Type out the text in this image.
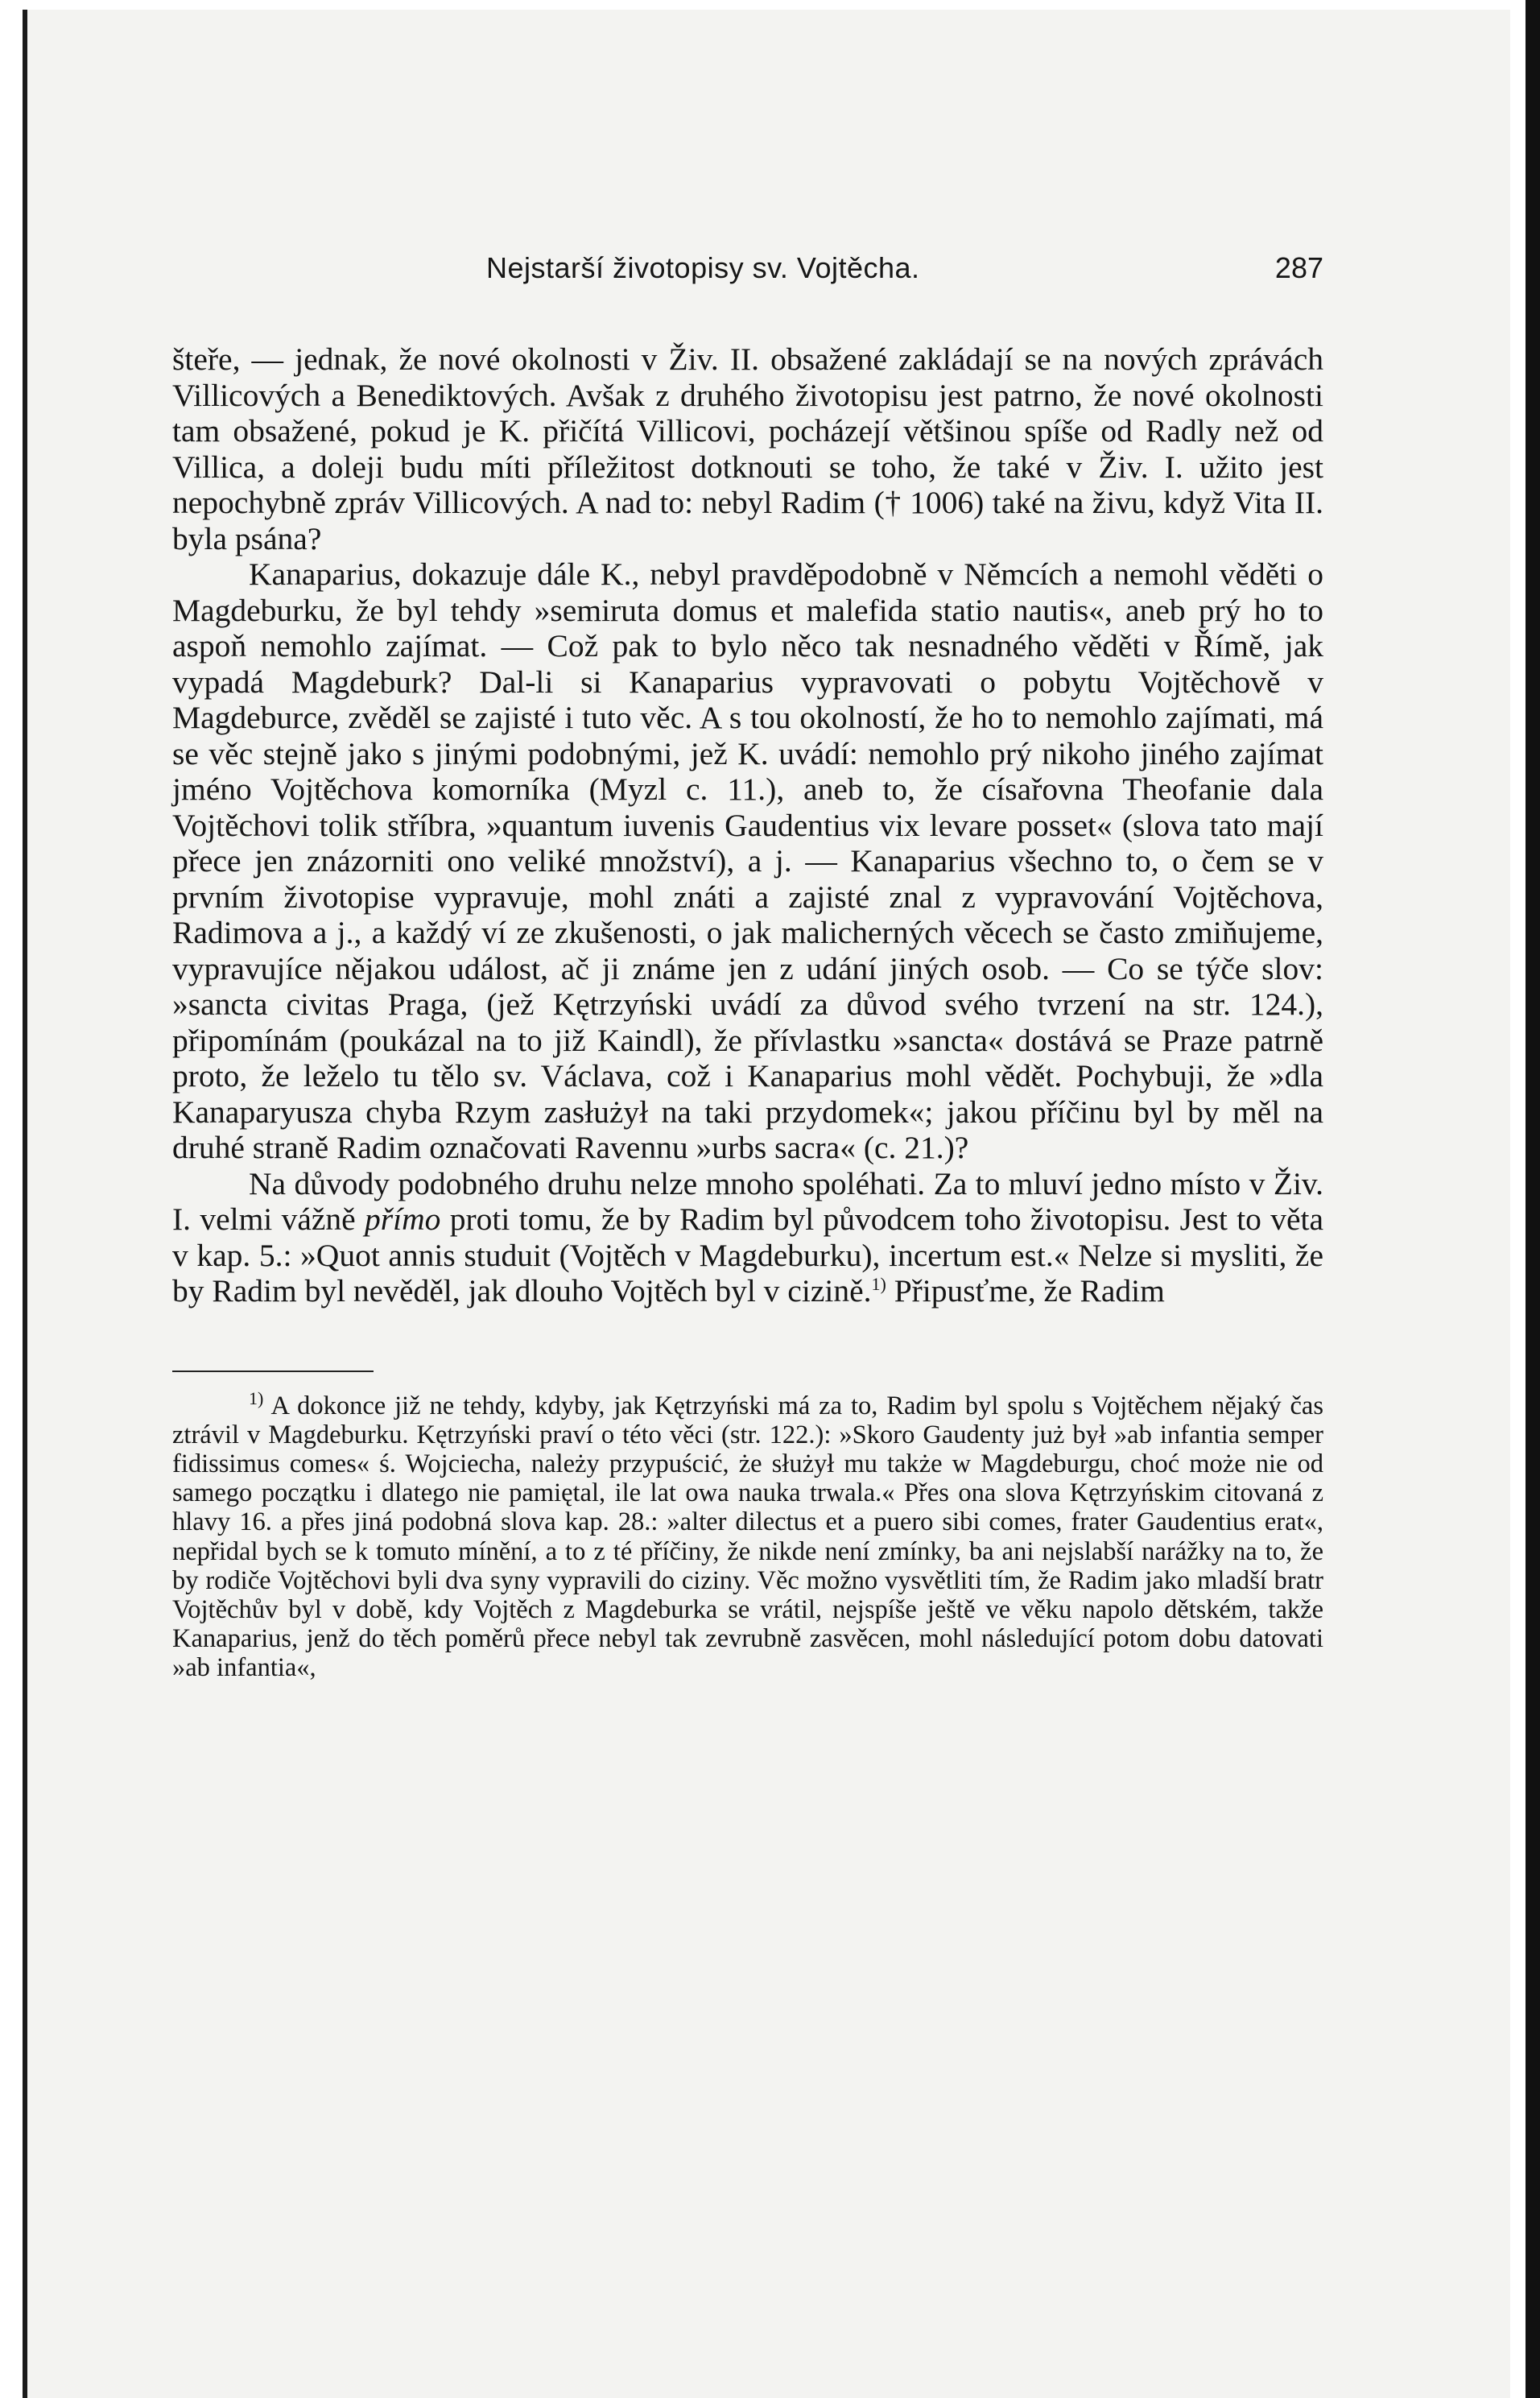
Nejstarší životopisy sv. Vojtěcha.	287

šteře, — jednak, že nové okolnosti v Živ. II. obsažené zakládají se na nových zprávách Villicových a Benediktových. Avšak z druhého životopisu jest patrno, že nové okolnosti tam obsažené, pokud je K. přičítá Villicovi, pocházejí většinou spíše od Radly než od Villica, a doleji budu míti příležitost dotknouti se toho, že také v Živ. I. užito jest nepochybně zpráv Villicových. A nad to: nebyl Radim († 1006) také na živu, když Vita II. byla psána?

Kanaparius, dokazuje dále K., nebyl pravděpodobně v Němcích a nemohl věděti o Magdeburku, že byl tehdy »semiruta domus et malefida statio nautis«, aneb prý ho to aspoň nemohlo zajímat. — Což pak to bylo něco tak nesnadného věděti v Římě, jak vypadá Magdeburk? Dal-li si Kanaparius vypravovati o pobytu Vojtěchově v Magdeburce, zvěděl se zajisté i tuto věc. A s tou okolností, že ho to nemohlo zajímati, má se věc stejně jako s jinými podobnými, jež K. uvádí: nemohlo prý nikoho jiného zajímat jméno Vojtěchova komorníka (Myzl c. 11.), aneb to, že císařovna Theofanie dala Vojtěchovi tolik stříbra, »quantum iuvenis Gaudentius vix levare posset« (slova tato mají přece jen znázorniti ono veliké množství), a j. — Kanaparius všechno to, o čem se v prvním životopise vypravuje, mohl znáti a zajisté znal z vypravování Vojtěchova, Radimova a j., a každý ví ze zkušenosti, o jak malicherných věcech se často zmiňujeme, vypravujíce nějakou událost, ač ji známe jen z udání jiných osob. — Co se týče slov: »sancta civitas Praga, (jež Kętrzyński uvádí za důvod svého tvrzení na str. 124.), připomínám (poukázal na to již Kaindl), že přívlastku »sancta« dostává se Praze patrně proto, že leželo tu tělo sv. Václava, což i Kanaparius mohl vědět. Pochybuji, že »dla Kanaparyusza chyba Rzym zasłużył na taki przydomek«; jakou příčinu byl by měl na druhé straně Radim označovati Ravennu »urbs sacra« (c. 21.)?

Na důvody podobného druhu nelze mnoho spoléhati. Za to mluví jedno místo v Živ. I. velmi vážně přímo proti tomu, že by Radim byl původcem toho životopisu. Jest to věta v kap. 5.: »Quot annis studuit (Vojtěch v Magdeburku), incertum est.« Nelze si mysliti, že by Radim byl nevěděl, jak dlouho Vojtěch byl v cizině.$^{1)}$ Připusťme, že Radim

$^{1)}$ A dokonce již ne tehdy, kdyby, jak Kętrzyński má za to, Radim byl spolu s Vojtěchem nějaký čas ztrávil v Magdeburku. Kętrzyński praví o této věci (str. 122.): »Skoro Gaudenty już był »ab infantia semper fidissimus comes« ś. Wojciecha, należy przypuścić, że służył mu także w Magdeburgu, choć może nie od samego początku i dlatego nie pamiętal, ile lat owa nauka trwala.« Přes ona slova Kętrzyńskim citovaná z hlavy 16. a přes jiná podobná slova kap. 28.: »alter dilectus et a puero sibi comes, frater Gaudentius erat«, nepřidal bych se k tomuto mínění, a to z té příčiny, že nikde není zmínky, ba ani nejslabší narážky na to, že by rodiče Vojtěchovi byli dva syny vypravili do ciziny. Věc možno vysvětliti tím, že Radim jako mladší bratr Vojtěchův byl v době, kdy Vojtěch z Magdeburka se vrátil, nejspíše ještě ve věku napolo dětském, takže Kanaparius, jenž do těch poměrů přece nebyl tak zevrubně zasvěcen, mohl následující potom dobu datovati »ab infantia«,
